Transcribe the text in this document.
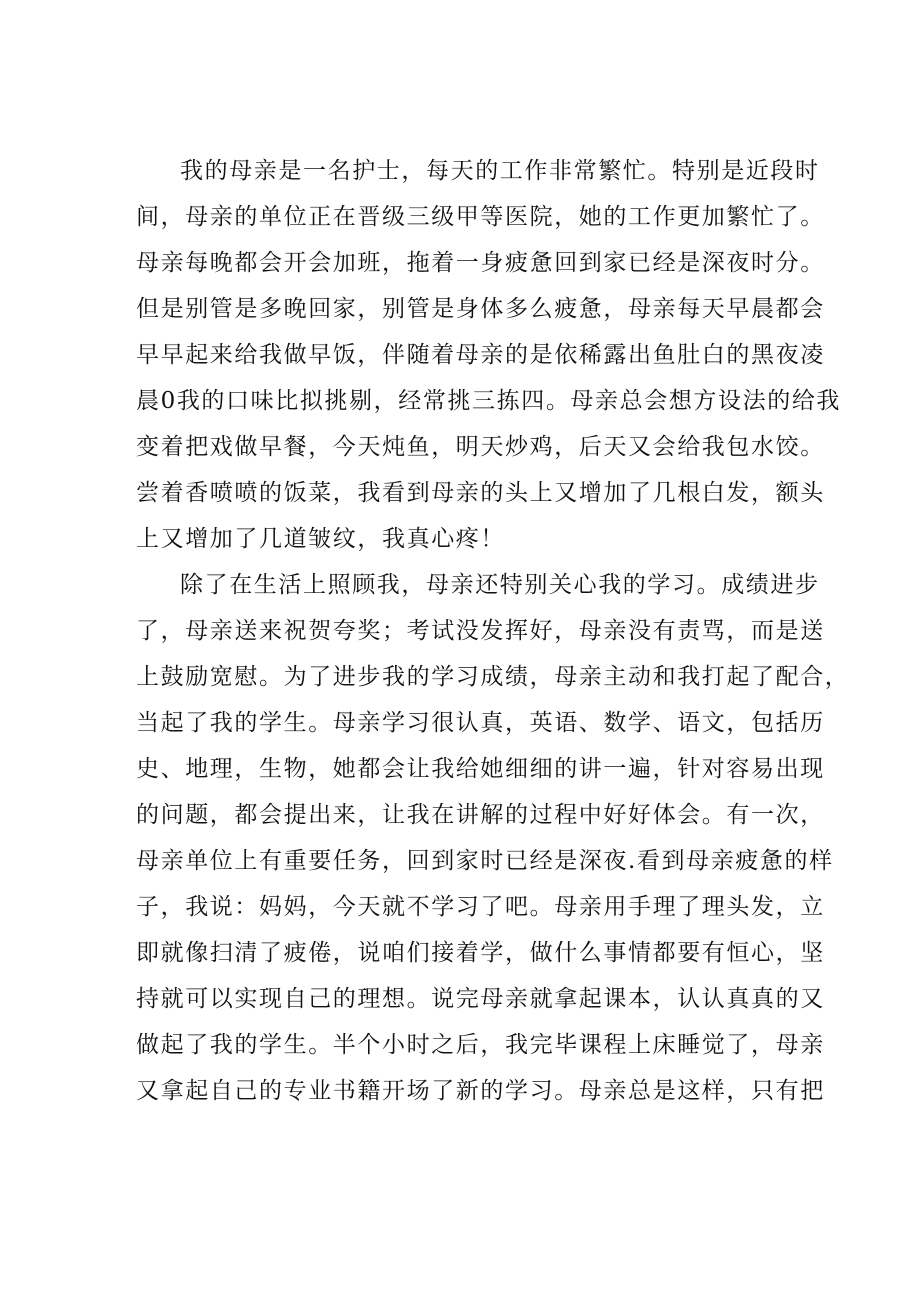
我的母亲是一名护士，每天的工作非常繁忙。特别是近段时
间，母亲的单位正在晋级三级甲等医院，她的工作更加繁忙了。
母亲每晚都会开会加班，拖着一身疲惫回到家已经是深夜时分。
但是别管是多晚回家，别管是身体多么疲惫，母亲每天早晨都会
早早起来给我做早饭，伴随着母亲的是依稀露出鱼肚白的黑夜凌
晨0我的口味比拟挑剔，经常挑三拣四。母亲总会想方设法的给我
变着把戏做早餐，今天炖鱼，明天炒鸡，后天又会给我包水饺。
尝着香喷喷的饭菜，我看到母亲的头上又增加了几根白发，额头
上又增加了几道皱纹，我真心疼！

除了在生活上照顾我，母亲还特别关心我的学习。成绩进步
了，母亲送来祝贺夸奖；考试没发挥好，母亲没有责骂，而是送
上鼓励宽慰。为了进步我的学习成绩，母亲主动和我打起了配合，
当起了我的学生。母亲学习很认真，英语、数学、语文，包括历
史、地理，生物，她都会让我给她细细的讲一遍，针对容易出现
的问题，都会提出来，让我在讲解的过程中好好体会。有一次，
母亲单位上有重要任务，回到家时已经是深夜.看到母亲疲惫的样
子，我说：妈妈，今天就不学习了吧。母亲用手理了理头发，立
即就像扫清了疲倦，说咱们接着学，做什么事情都要有恒心，坚
持就可以实现自己的理想。说完母亲就拿起课本，认认真真的又
做起了我的学生。半个小时之后，我完毕课程上床睡觉了，母亲
又拿起自己的专业书籍开场了新的学习。母亲总是这样，只有把
